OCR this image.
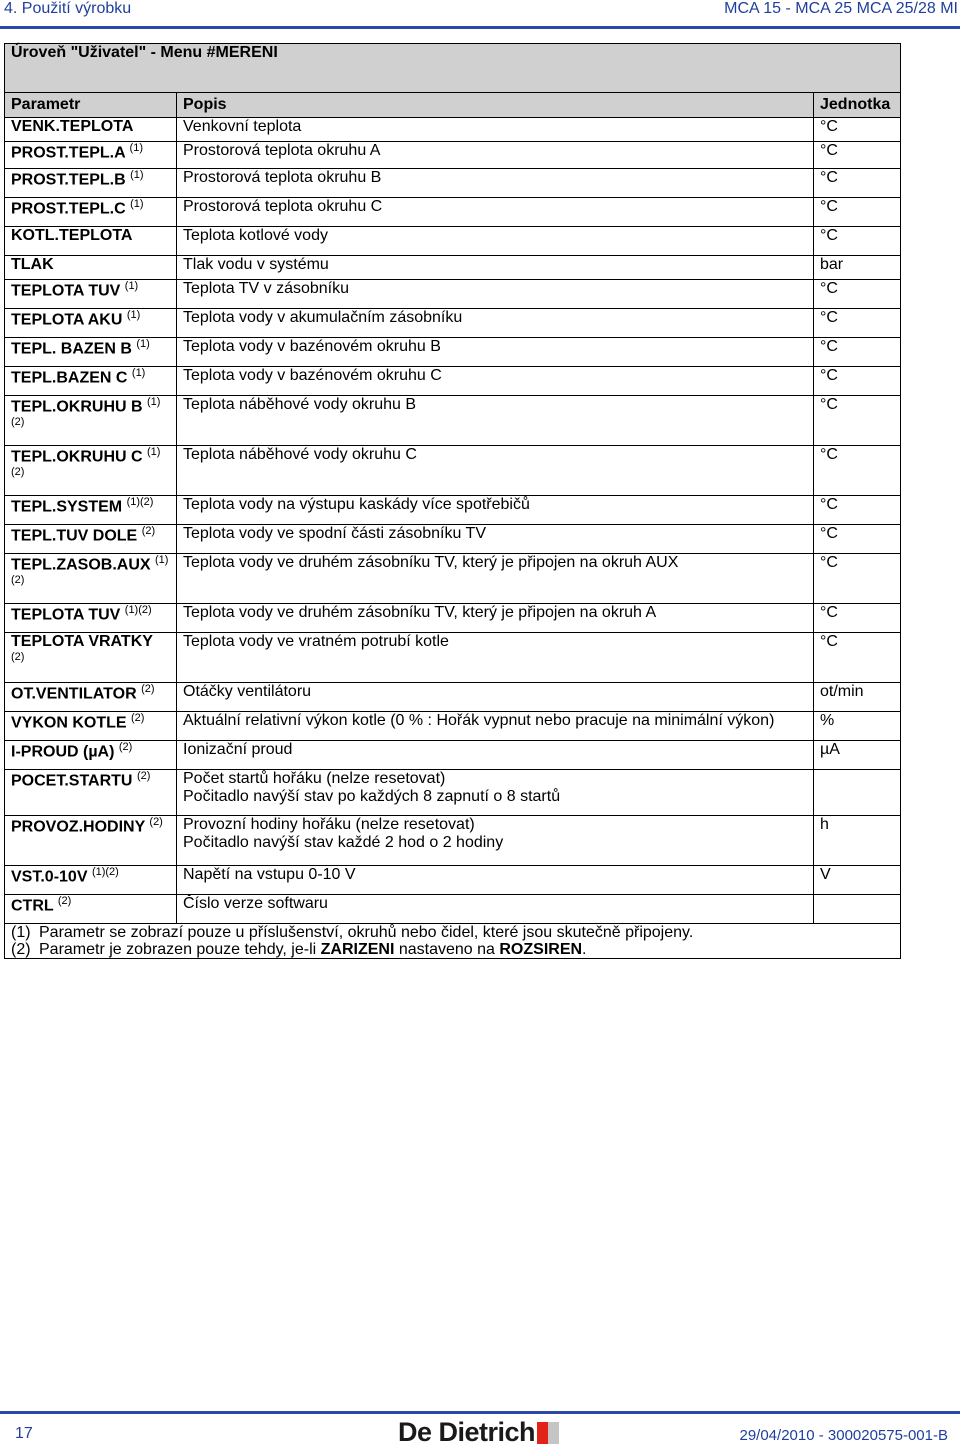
4. Použití výrobku	MCA 15 - MCA 25 MCA 25/28 MI
Úroveň "Uživatel" - Menu #MERENI		
Parametr	Popis	Jednotka
VENK.TEPLOTA	Venkovní teplota	°C
PROST.TEPL.A $^{(1)}$	Prostorová teplota okruhu A	°C
PROST.TEPL.B $^{(1)}$	Prostorová teplota okruhu B	°C
PROST.TEPL.C $^{(1)}$	Prostorová teplota okruhu C	°C
KOTL.TEPLOTA	Teplota kotlové vody	°C
TLAK	Tlak vodu v systému	bar
TEPLOTA TUV $^{(1)}$	Teplota TV v zásobníku	°C
TEPLOTA AKU $^{(1)}$	Teplota vody v akumulačním zásobníku	°C
TEPL. BAZEN B $^{(1)}$	Teplota vody v bazénovém okruhu B	°C
TEPL.BAZEN C $^{(1)}$	Teplota vody v bazénovém okruhu C	°C
TEPL.OKRUHU B $^{(1)(2)}$	Teplota náběhové vody okruhu B	°C
TEPL.OKRUHU C $^{(1)(2)}$	Teplota náběhové vody okruhu C	°C
TEPL.SYSTEM $^{(1)(2)}$	Teplota vody na výstupu kaskády více spotřebičů	°C
TEPL.TUV DOLE $^{(2)}$	Teplota vody ve spodní části zásobníku TV	°C
TEPL.ZASOB.AUX $^{(1)(2)}$	Teplota vody ve druhém zásobníku TV, který je připojen na okruh AUX	°C
TEPLOTA TUV $^{(1)(2)}$	Teplota vody ve druhém zásobníku TV, který je připojen na okruh A	°C
TEPLOTA VRATKY $^{(2)}$	Teplota vody ve vratném potrubí kotle	°C
OT.VENTILATOR $^{(2)}$	Otáčky ventilátoru	ot/min
VYKON KOTLE $^{(2)}$	Aktuální relativní výkon kotle (0 % : Hořák vypnut nebo pracuje na minimální výkon)	%
I-PROUD (µA) $^{(2)}$	Ionizační proud	µA
POCET.STARTU $^{(2)}$	Počet startů hořáku (nelze resetovat)
Počitadlo navýší stav po každých 8 zapnutí o 8 startů	

PROVOZ.HODINY $^{(2)}$	Provozní hodiny hořáku (nelze resetovat)
Počitadlo navýší stav každé 2 hod o 2 hodiny	h
VST.0-10V $^{(1)(2)}$	Napětí na vstupu 0-10 V	V
CTRL $^{(2)}$	Číslo verze softwaru	

(1) Parametr se zobrazí pouze u příslušenství, okruhů nebo čidel, které jsou skutečně připojeny.
(2) Parametr je zobrazen pouze tehdy, je-li ZARIZENI nastaveno na ROZSIREN.		
17	De Dietrich	29/04/2010 - 300020575-001-B
